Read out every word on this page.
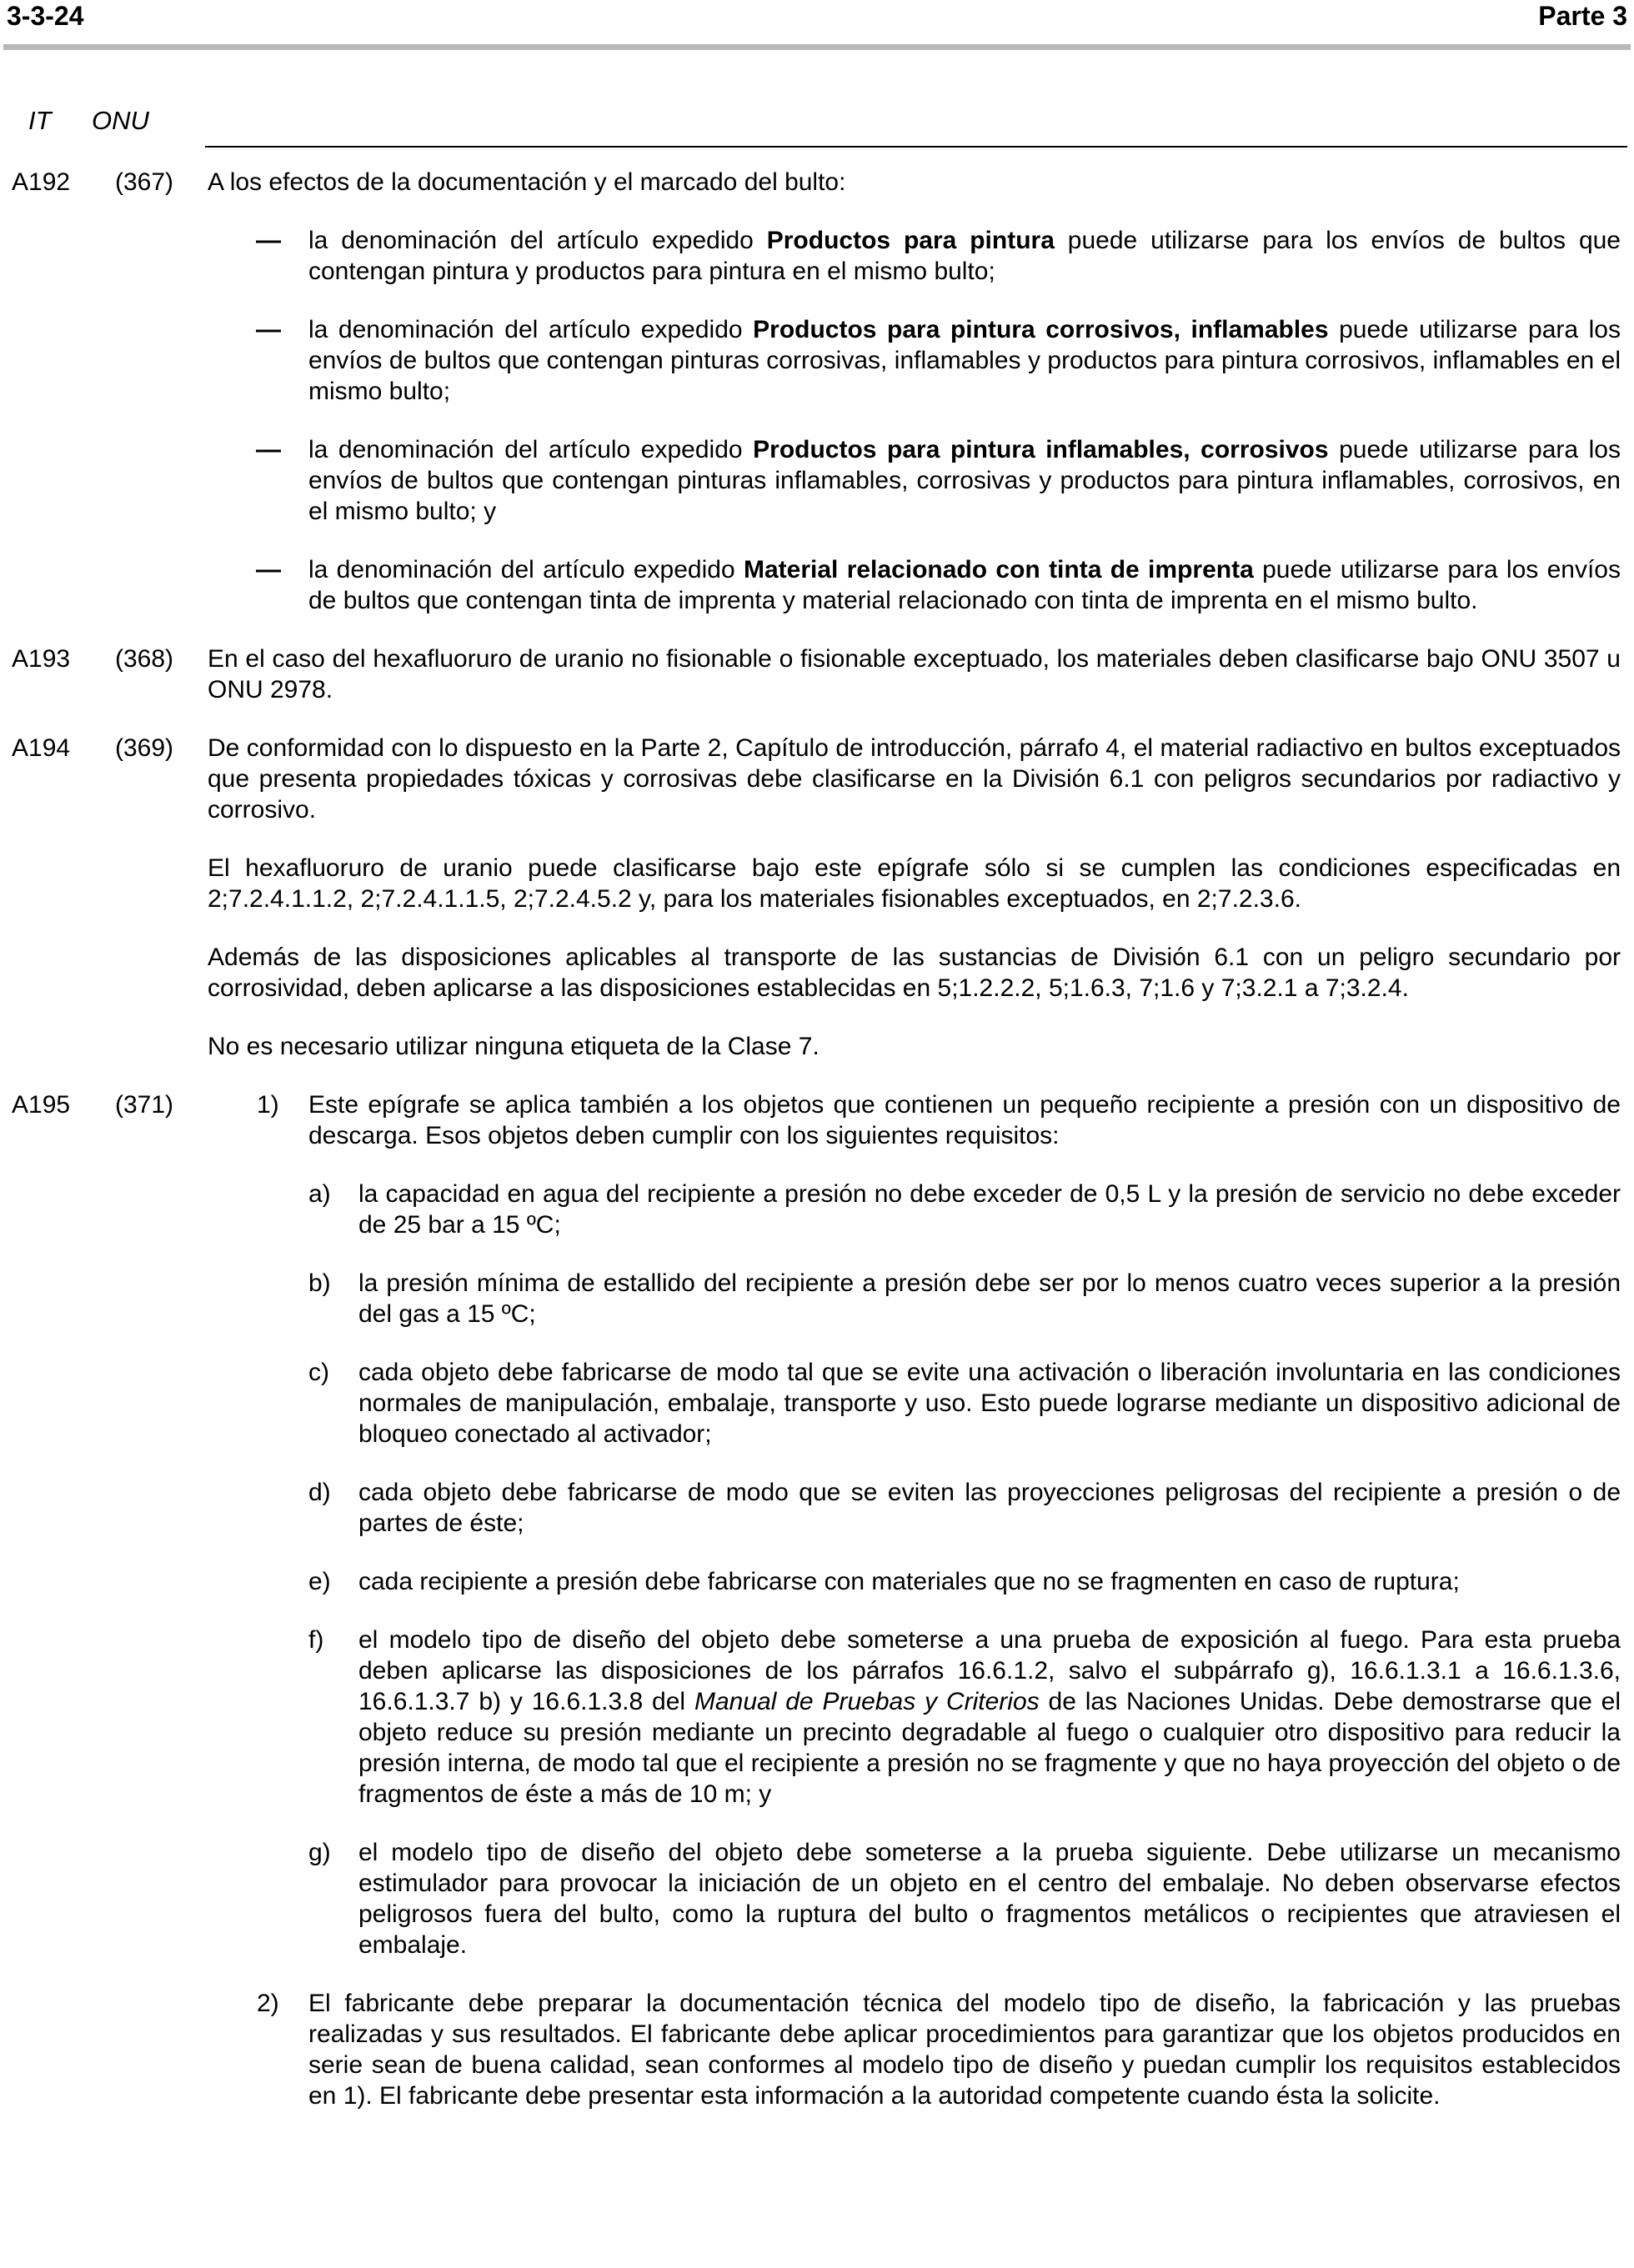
3-3-24	Parte 3
IT ONU
A192 (367) A los efectos de la documentación y el marcado del bulto:

— la denominación del artículo expedido Productos para pintura puede utilizarse para los envíos de bultos que contengan pintura y productos para pintura en el mismo bulto;

— la denominación del artículo expedido Productos para pintura corrosivos, inflamables puede utilizarse para los envíos de bultos que contengan pinturas corrosivas, inflamables y productos para pintura corrosivos, inflamables en el mismo bulto;

— la denominación del artículo expedido Productos para pintura inflamables, corrosivos puede utilizarse para los envíos de bultos que contengan pinturas inflamables, corrosivas y productos para pintura inflamables, corrosivos, en el mismo bulto; y

— la denominación del artículo expedido Material relacionado con tinta de imprenta puede utilizarse para los envíos de bultos que contengan tinta de imprenta y material relacionado con tinta de imprenta en el mismo bulto.

A193 (368) En el caso del hexafluoruro de uranio no fisionable o fisionable exceptuado, los materiales deben clasificarse bajo ONU 3507 u ONU 2978.

A194 (369) De conformidad con lo dispuesto en la Parte 2, Capítulo de introducción, párrafo 4, el material radiactivo en bultos exceptuados que presenta propiedades tóxicas y corrosivas debe clasificarse en la División 6.1 con peligros secundarios por radiactivo y corrosivo.

El hexafluoruro de uranio puede clasificarse bajo este epígrafe sólo si se cumplen las condiciones especificadas en 2;7.2.4.1.1.2, 2;7.2.4.1.1.5, 2;7.2.4.5.2 y, para los materiales fisionables exceptuados, en 2;7.2.3.6.

Además de las disposiciones aplicables al transporte de las sustancias de División 6.1 con un peligro secundario por corrosividad, deben aplicarse a las disposiciones establecidas en 5;1.2.2.2, 5;1.6.3, 7;1.6 y 7;3.2.1 a 7;3.2.4.

No es necesario utilizar ninguna etiqueta de la Clase 7.

A195 (371)	1) Este epígrafe se aplica también a los objetos que contienen un pequeño recipiente a presión con un dispositivo de descarga. Esos objetos deben cumplir con los siguientes requisitos:
a) la capacidad en agua del recipiente a presión no debe exceder de 0,5 L y la presión de servicio no debe exceder de 25 bar a 15 ºC;
b) la presión mínima de estallido del recipiente a presión debe ser por lo menos cuatro veces superior a la presión del gas a 15 ºC;
c) cada objeto debe fabricarse de modo tal que se evite una activación o liberación involuntaria en las condiciones normales de manipulación, embalaje, transporte y uso. Esto puede lograrse mediante un dispositivo adicional de bloqueo conectado al activador;
d) cada objeto debe fabricarse de modo que se eviten las proyecciones peligrosas del recipiente a presión o de partes de éste;
e) cada recipiente a presión debe fabricarse con materiales que no se fragmenten en caso de ruptura;
f) el modelo tipo de diseño del objeto debe someterse a una prueba de exposición al fuego. Para esta prueba deben aplicarse las disposiciones de los párrafos 16.6.1.2, salvo el subpárrafo g), 16.6.1.3.1 a 16.6.1.3.6, 16.6.1.3.7 b) y 16.6.1.3.8 del Manual de Pruebas y Criterios de las Naciones Unidas. Debe demostrarse que el objeto reduce su presión mediante un precinto degradable al fuego o cualquier otro dispositivo para reducir la presión interna, de modo tal que el recipiente a presión no se fragmente y que no haya proyección del objeto o de fragmentos de éste a más de 10 m; y
g) el modelo tipo de diseño del objeto debe someterse a la prueba siguiente. Debe utilizarse un mecanismo estimulador para provocar la iniciación de un objeto en el centro del embalaje. No deben observarse efectos peligrosos fuera del bulto, como la ruptura del bulto o fragmentos metálicos o recipientes que atraviesen el embalaje.
2) El fabricante debe preparar la documentación técnica del modelo tipo de diseño, la fabricación y las pruebas realizadas y sus resultados. El fabricante debe aplicar procedimientos para garantizar que los objetos producidos en serie sean de buena calidad, sean conformes al modelo tipo de diseño y puedan cumplir los requisitos establecidos en 1). El fabricante debe presentar esta información a la autoridad competente cuando ésta la solicite.
